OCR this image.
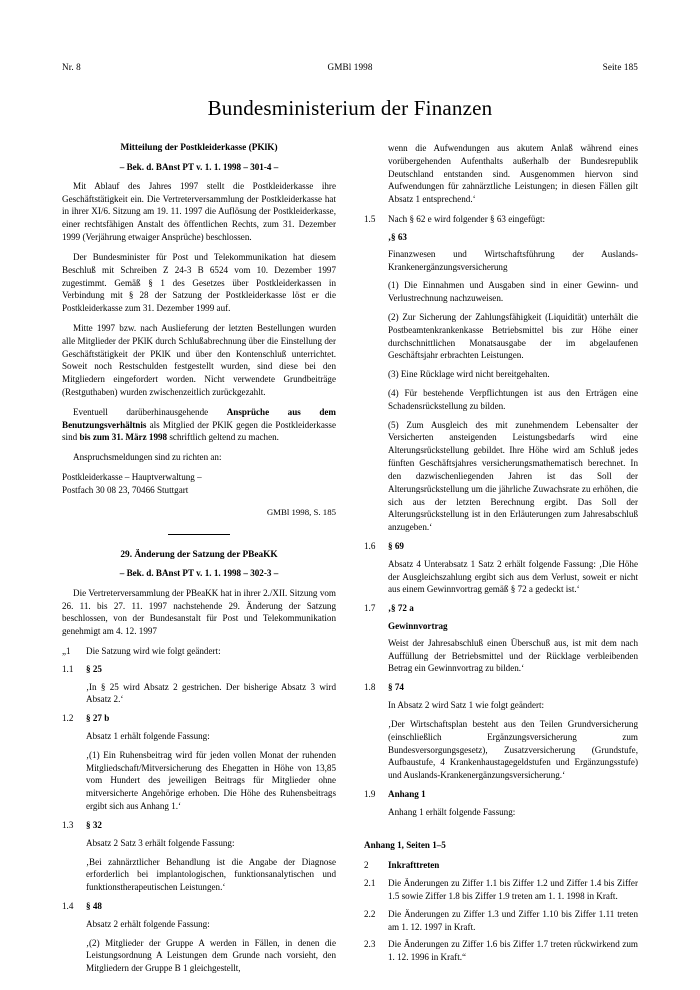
Nr. 8	GMBl 1998	Seite 185
Bundesministerium der Finanzen
Mitteilung der Postkleiderkasse (PKlK)
– Bek. d. BAnst PT v. 1. 1. 1998 – 301-4 –

Mit Ablauf des Jahres 1997 stellt die Postkleiderkasse ihre Geschäftstätigkeit ein. Die Vertreterversammlung der Postkleiderkasse hat in ihrer XI/6. Sitzung am 19. 11. 1997 die Auflösung der Postkleiderkasse, einer rechtsfähigen Anstalt des öffentlichen Rechts, zum 31. Dezember 1999 (Verjährung etwaiger Ansprüche) beschlossen.

Der Bundesminister für Post und Telekommunikation hat diesem Beschluß mit Schreiben Z 24-3 B 6524 vom 10. Dezember 1997 zugestimmt. Gemäß § 1 des Gesetzes über Postkleiderkassen in Verbindung mit § 28 der Satzung der Postkleiderkasse löst er die Postkleiderkasse zum 31. Dezember 1999 auf.

Mitte 1997 bzw. nach Auslieferung der letzten Bestellungen wurden alle Mitglieder der PKlK durch Schlußabrechnung über die Einstellung der Geschäftstätigkeit der PKlK und über den Kontenschluß unterrichtet. Soweit noch Restschulden festgestellt wurden, sind diese bei den Mitgliedern eingefordert worden. Nicht verwendete Grundbeiträge (Restguthaben) wurden zwischenzeitlich zurückgezahlt.

Eventuell darüberhinausgehende Ansprüche aus dem Benutzungsverhältnis als Mitglied der PKlK gegen die Postkleiderkasse sind bis zum 31. März 1998 schriftlich geltend zu machen.

Anspruchsmeldungen sind zu richten an:

Postkleiderkasse – Hauptverwaltung –
Postfach 30 08 23, 70466 Stuttgart
GMBl 1998, S. 185
29. Änderung der Satzung der PBeaKK
– Bek. d. BAnst PT v. 1. 1. 1998 – 302-3 –

Die Vertreterversammlung der PBeaKK hat in ihrer 2./XII. Sitzung vom 26. 11. bis 27. 11. 1997 nachstehende 29. Änderung der Satzung beschlossen, von der Bundesanstalt für Post und Telekommunikation genehmigt am 4. 12. 1997

„1	Die Satzung wird wie folgt geändert:
1.1	§ 25
‚In § 25 wird Absatz 2 gestrichen. Der bisherige Absatz 3 wird Absatz 2.‘
1.2	§ 27 b
Absatz 1 erhält folgende Fassung:
‚(1) Ein Ruhensbeitrag wird für jeden vollen Monat der ruhenden Mitgliedschaft/Mitversicherung des Ehegatten in Höhe von 13,85 vom Hundert des jeweiligen Beitrags für Mitglieder ohne mitversicherte Angehörige erhoben. Die Höhe des Ruhensbeitrags ergibt sich aus Anhang 1.‘
1.3	§ 32
Absatz 2 Satz 3 erhält folgende Fassung:
‚Bei zahnärztlicher Behandlung ist die Angabe der Diagnose erforderlich bei implantologischen, funktionsanalytischen und funktionstherapeutischen Leistungen.‘
1.4	§ 48
Absatz 2 erhält folgende Fassung:
‚(2) Mitglieder der Gruppe A werden in Fällen, in denen die Leistungsordnung A Leistungen dem Grunde nach vorsieht, den Mitgliedern der Gruppe B 1 gleichgestellt,
wenn die Aufwendungen aus akutem Anlaß während eines vorübergehenden Aufenthalts außerhalb der Bundesrepublik Deutschland entstanden sind. Ausgenommen hiervon sind Aufwendungen für zahnärztliche Leistungen; in diesen Fällen gilt Absatz 1 entsprechend.‘
1.5	Nach § 62 e wird folgender § 63 eingefügt:
‚§ 63
Finanzwesen und Wirtschaftsführung der Auslands-Krankenergänzungsversicherung
(1) Die Einnahmen und Ausgaben sind in einer Gewinn- und Verlustrechnung nachzuweisen.
(2) Zur Sicherung der Zahlungsfähigkeit (Liquidität) unterhält die Postbeamtenkrankenkasse Betriebsmittel bis zur Höhe einer durchschnittlichen Monatsausgabe der im abgelaufenen Geschäftsjahr erbrachten Leistungen.
(3) Eine Rücklage wird nicht bereitgehalten.
(4) Für bestehende Verpflichtungen ist aus den Erträgen eine Schadensrückstellung zu bilden.
(5) Zum Ausgleich des mit zunehmendem Lebensalter der Versicherten ansteigenden Leistungsbedarfs wird eine Alterungsrückstellung gebildet. Ihre Höhe wird am Schluß jedes fünften Geschäftsjahres versicherungsmathematisch berechnet. In den dazwischenliegenden Jahren ist das Soll der Alterungsrückstellung um die jährliche Zuwachsrate zu erhöhen, die sich aus der letzten Berechnung ergibt. Das Soll der Alterungsrückstellung ist in den Erläuterungen zum Jahresabschluß anzugeben.‘
1.6	§ 69
Absatz 4 Unterabsatz 1 Satz 2 erhält folgende Fassung: ‚Die Höhe der Ausgleichszahlung ergibt sich aus dem Verlust, soweit er nicht aus einem Gewinnvortrag gemäß § 72 a gedeckt ist.‘
1.7	‚§ 72 a
Gewinnvortrag
Weist der Jahresabschluß einen Überschuß aus, ist mit dem nach Auffüllung der Betriebsmittel und der Rücklage verbleibenden Betrag ein Gewinnvortrag zu bilden.‘
1.8	§ 74
In Absatz 2 wird Satz 1 wie folgt geändert:
‚Der Wirtschaftsplan besteht aus den Teilen Grundversicherung (einschließlich Ergänzungsversicherung zum Bundesversorgungsgesetz), Zusatzversicherung (Grundstufe, Aufbaustufe, 4 Krankenhaustagegeldstufen und Ergänzungsstufe) und Auslands-Krankenergänzungsversicherung.‘
1.9	Anhang 1
Anhang 1 erhält folgende Fassung:
Anhang 1, Seiten 1–5
2	Inkrafttreten
2.1	Die Änderungen zu Ziffer 1.1 bis Ziffer 1.2 und Ziffer 1.4 bis Ziffer 1.5 sowie Ziffer 1.8 bis Ziffer 1.9 treten am 1. 1. 1998 in Kraft.
2.2	Die Änderungen zu Ziffer 1.3 und Ziffer 1.10 bis Ziffer 1.11 treten am 1. 12. 1997 in Kraft.
2.3	Die Änderungen zu Ziffer 1.6 bis Ziffer 1.7 treten rückwirkend zum 1. 12. 1996 in Kraft.“
